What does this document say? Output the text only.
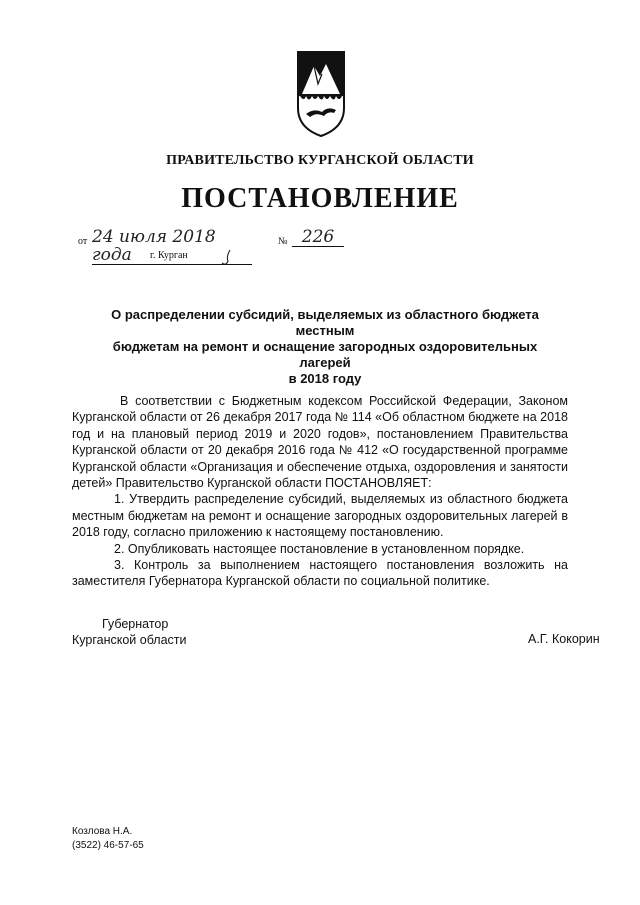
ПРАВИТЕЛЬСТВО КУРГАНСКОЙ ОБЛАСТИ
ПОСТАНОВЛЕНИЕ
от 24 июля 2018 года
№ 226
г. Курган
О распределении субсидий, выделяемых из областного бюджета местным
бюджетам на ремонт и оснащение загородных оздоровительных лагерей
в 2018 году

В соответствии с Бюджетным кодексом Российской Федерации, Законом Курганской области от 26 декабря 2017 года № 114 «Об областном бюджете на 2018 год и на плановый период 2019 и 2020 годов», постановлением Правительства Курганской области от 20 декабря 2016 года № 412 «О государственной программе Курганской области «Организация и обеспечение отдыха, оздоровления и занятости детей» Правительство Курганской области ПОСТАНОВЛЯЕТ:

1. Утвердить распределение субсидий, выделяемых из областного бюджета местным бюджетам на ремонт и оснащение загородных оздоровительных лагерей в 2018 году, согласно приложению к настоящему постановлению.

2. Опубликовать настоящее постановление в установленном порядке.

3. Контроль за выполнением настоящего постановления возложить на заместителя Губернатора Курганской области по социальной политике.

Губернатор
Курганской области	А.Г. Кокорин
Козлова Н.А.
(3522) 46-57-65
